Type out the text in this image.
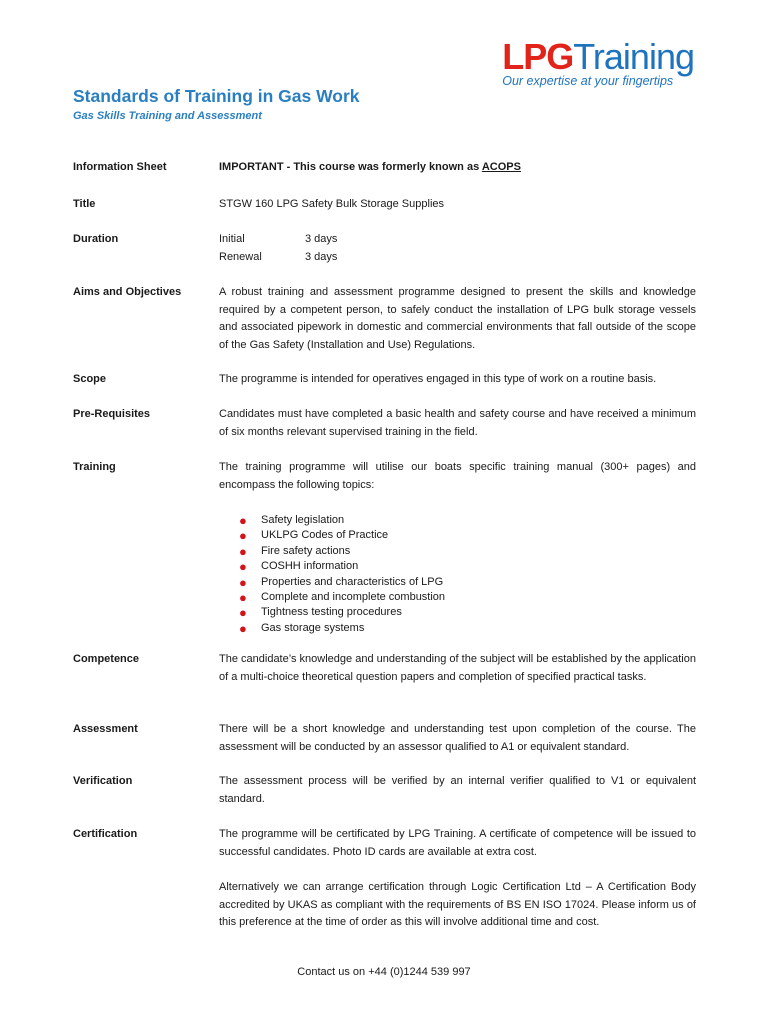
LPGTraining
Our expertise at your fingertips
Standards of Training in Gas Work
Gas Skills Training and Assessment
Information Sheet	IMPORTANT - This course was formerly known as ACOPS
Title	STGW 160 LPG Safety Bulk Storage Supplies
Duration	Initial	3 days
Renewal	3 days
Aims and Objectives	A robust training and assessment programme designed to present the skills and knowledge required by a competent person, to safely conduct the installation of LPG bulk storage vessels and associated pipework in domestic and commercial environments that fall outside of the scope of the Gas Safety (Installation and Use) Regulations.
Scope	The programme is intended for operatives engaged in this type of work on a routine basis.
Pre-Requisites	Candidates must have completed a basic health and safety course and have received a minimum of six months relevant supervised training in the field.
Training	The training programme will utilise our boats specific training manual (300+ pages) and encompass the following topics:

● Safety legislation
● UKLPG Codes of Practice
● Fire safety actions
● COSHH information
● Properties and characteristics of LPG
● Complete and incomplete combustion
● Tightness testing procedures
● Gas storage systems
Competence	The candidate’s knowledge and understanding of the subject will be established by the application of a multi-choice theoretical question papers and completion of specified practical tasks.
Assessment	There will be a short knowledge and understanding test upon completion of the course. The assessment will be conducted by an assessor qualified to A1 or equivalent standard.
Verification	The assessment process will be verified by an internal verifier qualified to V1 or equivalent standard.
Certification	The programme will be certificated by LPG Training. A certificate of competence will be issued to successful candidates. Photo ID cards are available at extra cost.

Alternatively we can arrange certification through Logic Certification Ltd – A Certification Body accredited by UKAS as compliant with the requirements of BS EN ISO 17024. Please inform us of this preference at the time of order as this will involve additional time and cost.

Contact us on +44 (0)1244 539 997
